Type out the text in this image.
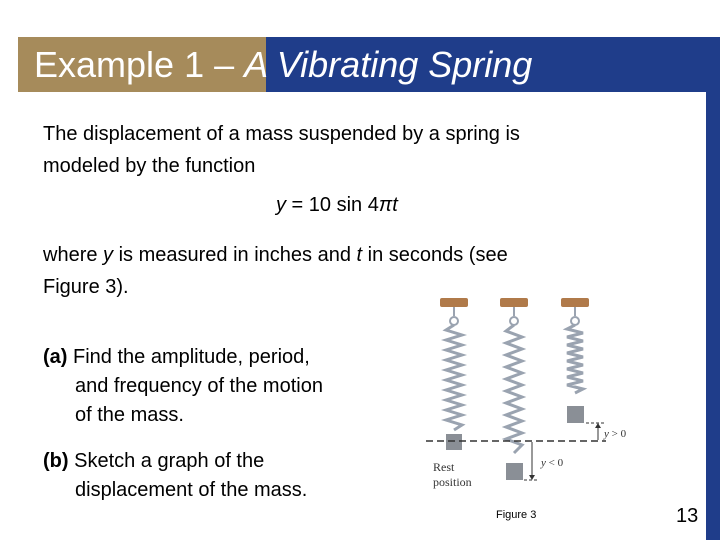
Example 1 – A Vibrating Spring
The displacement of a mass suspended by a spring is
modeled by the function
y = 10 sin 4πt
where y is measured in inches and t in seconds (see
Figure 3).
(a) Find the amplitude, period,
and frequency of the motion
of the mass.
(b) Sketch a graph of the
displacement of the mass.
y > 0
y < 0
Rest
position
Figure 3	13
